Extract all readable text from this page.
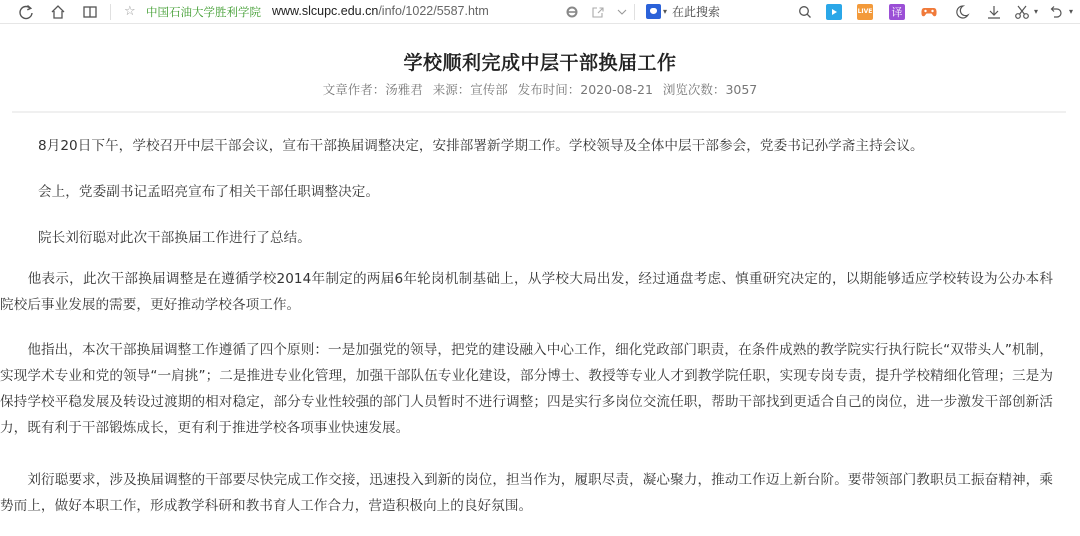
☆ 中国石油大学胜利学院 www.slcupc.edu.cn/info/1022/5587.htm	▾
在此搜索	LIVE 译	▾	▾
学校顺利完成中层干部换届工作
文章作者：汤雅君 来源：宣传部 发布时间：2020-08-21 浏览次数：3057

8月20日下午，学校召开中层干部会议，宣布干部换届调整决定，安排部署新学期工作。学校领导及全体中层干部参会，党委书记孙学斋主持会议。

会上，党委副书记孟昭亮宣布了相关干部任职调整决定。

院长刘衍聪对此次干部换届工作进行了总结。

　　他表示，此次干部换届调整是在遵循学校2014年制定的两届6年轮岗机制基础上，从学校大局出发，经过通盘考虑、慎重研究决定的，以期能够适应学校转设为公办本科院校后事业发展的需要，更好推动学校各项工作。

　　他指出，本次干部换届调整工作遵循了四个原则：一是加强党的领导，把党的建设融入中心工作，细化党政部门职责，在条件成熟的教学院实行执行院长“双带头人”机制，实现学术专业和党的领导“一肩挑”；二是推进专业化管理，加强干部队伍专业化建设，部分博士、教授等专业人才到教学院任职，实现专岗专责，提升学校精细化管理；三是为保持学校平稳发展及转设过渡期的相对稳定，部分专业性较强的部门人员暂时不进行调整；四是实行多岗位交流任职，帮助干部找到更适合自己的岗位，进一步激发干部创新活力，既有利于干部锻炼成长，更有利于推进学校各项事业快速发展。

　　刘衍聪要求，涉及换届调整的干部要尽快完成工作交接，迅速投入到新的岗位，担当作为，履职尽责，凝心聚力，推动工作迈上新台阶。要带领部门教职员工振奋精神，乘势而上，做好本职工作，形成教学科研和教书育人工作合力，营造积极向上的良好氛围。
